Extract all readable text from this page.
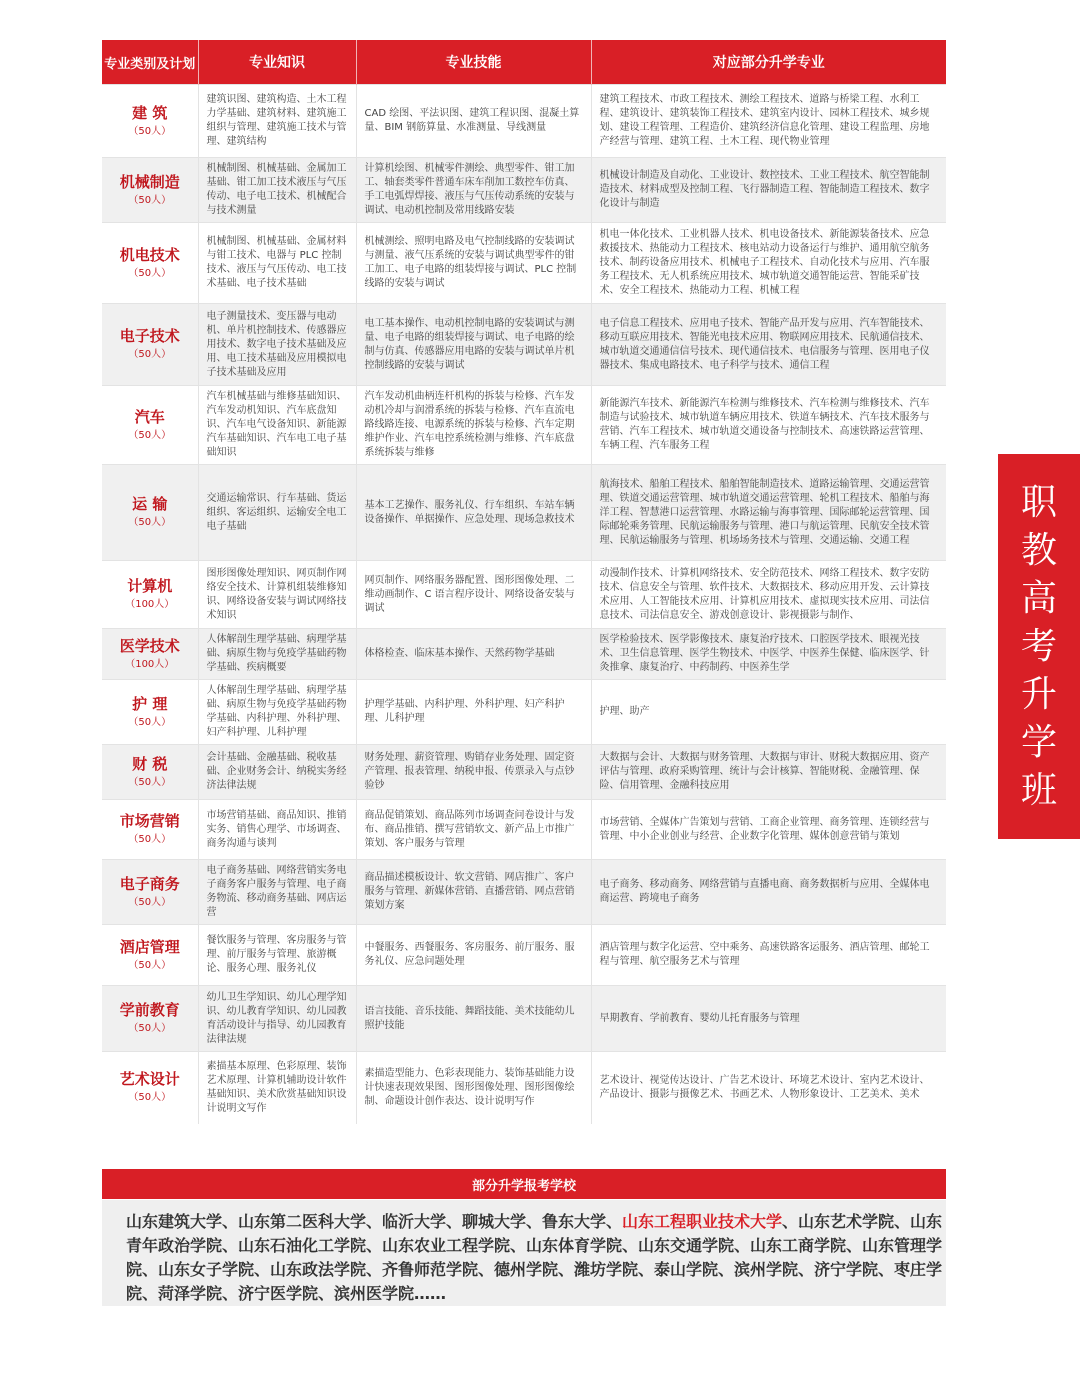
专业类别及计划	专业知识	专业技能	对应部分升学专业

建 筑
（50人）	建筑识图、建筑构造、土木工程力学基础、建筑材料、建筑施工组织与管理、建筑施工技术与管理、建筑结构	CAD 绘图、平法识图、建筑工程识图、混凝土算量、BIM 钢筋算量、水准测量、导线测量	建筑工程技术、市政工程技术、测绘工程技术、道路与桥梁工程、水利工程、建筑设计、建筑装饰工程技术、建筑室内设计、园林工程技术、城乡规划、建设工程管理、工程造价、建筑经济信息化管理、建设工程监理、房地产经营与管理、建筑工程、土木工程、现代物业管理

机械制造
（50人）	机械制图、机械基础、金属加工基础、钳工加工技术液压与气压传动、电子电工技术、机械配合与技术测量	计算机绘图、机械零件测绘、典型零件、钳工加工、轴套类零件普通车床车削加工数控车仿真、手工电弧焊焊接、液压与气压传动系统的安装与调试、电动机控制及常用线路安装	机械设计制造及自动化、工业设计、数控技术、工业工程技术、航空智能制造技术、材料成型及控制工程、飞行器制造工程、智能制造工程技术、数字化设计与制造

机电技术
（50人）	机械制图、机械基础、金属材料与钳工技术、电器与 PLC 控制技术、液压与气压传动、电工技术基础、电子技术基础	机械测绘、照明电路及电气控制线路的安装调试与测量、液气压系统的安装与调试典型零件的钳工加工、电子电路的组装焊接与调试、PLC 控制线路的安装与调试	机电一体化技术、工业机器人技术、机电设备技术、新能源装备技术、应急救援技术、热能动力工程技术、核电站动力设备运行与维护、通用航空航务技术、制药设备应用技术、机械电子工程技术、自动化技术与应用、汽车服务工程技术、无人机系统应用技术、城市轨道交通智能运营、智能采矿技术、安全工程技术、热能动力工程、机械工程

电子技术
（50人）	电子测量技术、变压器与电动机、单片机控制技术、传感器应用技术、数字电子技术基础及应用、电工技术基础及应用模拟电子技术基础及应用	电工基本操作、电动机控制电路的安装调试与测量、电子电路的组装焊接与调试、电子电路的绘制与仿真、传感器应用电路的安装与调试单片机控制线路的安装与调试	电子信息工程技术、应用电子技术、智能产品开发与应用、汽车智能技术、移动互联应用技术、智能光电技术应用、物联网应用技术、民航通信技术、城市轨道交通通信信号技术、现代通信技术、电信服务与管理、医用电子仪器技术、集成电路技术、电子科学与技术、通信工程

汽车
（50人）	汽车机械基础与维修基础知识、汽车发动机知识、汽车底盘知识、汽车电气设备知识、新能源汽车基础知识、汽车电工电子基础知识	汽车发动机曲柄连杆机构的拆装与检修、汽车发动机冷却与润滑系统的拆装与检修、汽车直流电路线路连接、电源系统的拆装与检修、汽车定期维护作业、汽车电控系统检测与维修、汽车底盘系统拆装与维修	新能源汽车技术、新能源汽车检测与维修技术、汽车检测与维修技术、汽车制造与试验技术、城市轨道车辆应用技术、铁道车辆技术、汽车技术服务与营销、汽车工程技术、城市轨道交通设备与控制技术、高速铁路运营管理、车辆工程、汽车服务工程

运 输
（50人）	交通运输常识、行车基础、货运组织、客运组织、运输安全电工电子基础	基本工艺操作、服务礼仪、行车组织、车站车辆设备操作、单据操作、应急处理、现场急救技术	航海技术、船舶工程技术、船舶智能制造技术、道路运输管理、交通运营管理、铁道交通运营管理、城市轨道交通运营管理、轮机工程技术、船舶与海洋工程、智慧港口运营管理、水路运输与海事管理、国际邮轮运营管理、国际邮轮乘务管理、民航运输服务与管理、港口与航运管理、民航安全技术管理、民航运输服务与管理、机场场务技术与管理、交通运输、交通工程

计算机
（100人）	图形图像处理知识、网页制作网络安全技术、计算机组装维修知识、网络设备安装与调试网络技术知识	网页制作、网络服务器配置、图形图像处理、二维动画制作、C 语言程序设计、网络设备安装与调试	动漫制作技术、计算机网络技术、安全防范技术、网络工程技术、数字安防技术、信息安全与管理、软件技术、大数据技术、移动应用开发、云计算技术应用、人工智能技术应用、计算机应用技术、虚拟现实技术应用、司法信息技术、司法信息安全、游戏创意设计、影视摄影与制作、

医学技术
（100人）	人体解剖生理学基础、病理学基础、病原生物与免疫学基础药物学基础、疾病概要	体格检查、临床基本操作、天然药物学基础	医学检验技术、医学影像技术、康复治疗技术、口腔医学技术、眼视光技术、卫生信息管理、医学生物技术、中医学、中医养生保健、临床医学、针灸推拿、康复治疗、中药制药、中医养生学

护 理
（50人）	人体解剖生理学基础、病理学基础、病原生物与免疫学基础药物学基础、内科护理、外科护理、妇产科护理、儿科护理	护理学基础、内科护理、外科护理、妇产科护理、儿科护理	护理、助产

财 税
（50人）	会计基础、金融基础、税收基础、企业财务会计、纳税实务经济法律法规	财务处理、薪资管理、购销存业务处理、固定资产管理、报表管理、纳税申报、传票录入与点钞验钞	大数据与会计、大数据与财务管理、大数据与审计、财税大数据应用、资产评估与管理、政府采购管理、统计与会计核算、智能财税、金融管理、保险、信用管理、金融科技应用

市场营销
（50人）	市场营销基础、商品知识、推销实务、销售心理学、市场调查、商务沟通与谈判	商品促销策划、商品陈列市场调查问卷设计与发布、商品推销、撰写营销软文、新产品上市推广策划、客户服务与管理	市场营销、全媒体广告策划与营销、工商企业管理、商务管理、连锁经营与管理、中小企业创业与经营、企业数字化管理、媒体创意营销与策划

电子商务
（50人）	电子商务基础、网络营销实务电子商务客户服务与管理、电子商务物流、移动商务基础、网店运营	商品描述模板设计、软文营销、网店推广、客户服务与管理、新媒体营销、直播营销、网点营销策划方案	电子商务、移动商务、网络营销与直播电商、商务数据析与应用、全媒体电商运营、跨境电子商务

酒店管理
（50人）	餐饮服务与管理、客房服务与管理、前厅服务与管理、旅游概论、服务心理、服务礼仪	中餐服务、西餐服务、客房服务、前厅服务、服务礼仪、应急问题处理	酒店管理与数字化运营、空中乘务、高速铁路客运服务、酒店管理、邮轮工程与管理、航空服务艺术与管理

学前教育
（50人）	幼儿卫生学知识、幼儿心理学知识、幼儿教育学知识、幼儿园教育活动设计与指导、幼儿园教育法律法规	语言技能、音乐技能、舞蹈技能、美术技能幼儿照护技能	早期教育、学前教育、婴幼儿托育服务与管理

艺术设计
（50人）	素描基本原理、色彩原理、装饰艺术原理、计算机辅助设计软件基础知识、美术欣赏基础知识设计说明文写作	素描造型能力、色彩表现能力、装饰基础能力设计快速表现效果图、图形图像处理、图形图像绘制、命题设计创作表达、设计说明写作	艺术设计、视觉传达设计、广告艺术设计、环境艺术设计、室内艺术设计、产品设计、摄影与摄像艺术、书画艺术、人物形象设计、工艺美术、美术
职
教
高
考
升
学
班
部分升学报考学校
山东建筑大学、山东第二医科大学、临沂大学、聊城大学、鲁东大学、山东工程职业技术大学、山东艺术学院、山东青年政治学院、山东石油化工学院、山东农业工程学院、山东体育学院、山东交通学院、山东工商学院、山东管理学院、山东女子学院、山东政法学院、齐鲁师范学院、德州学院、潍坊学院、泰山学院、滨州学院、济宁学院、枣庄学院、菏泽学院、济宁医学院、滨州医学院……
